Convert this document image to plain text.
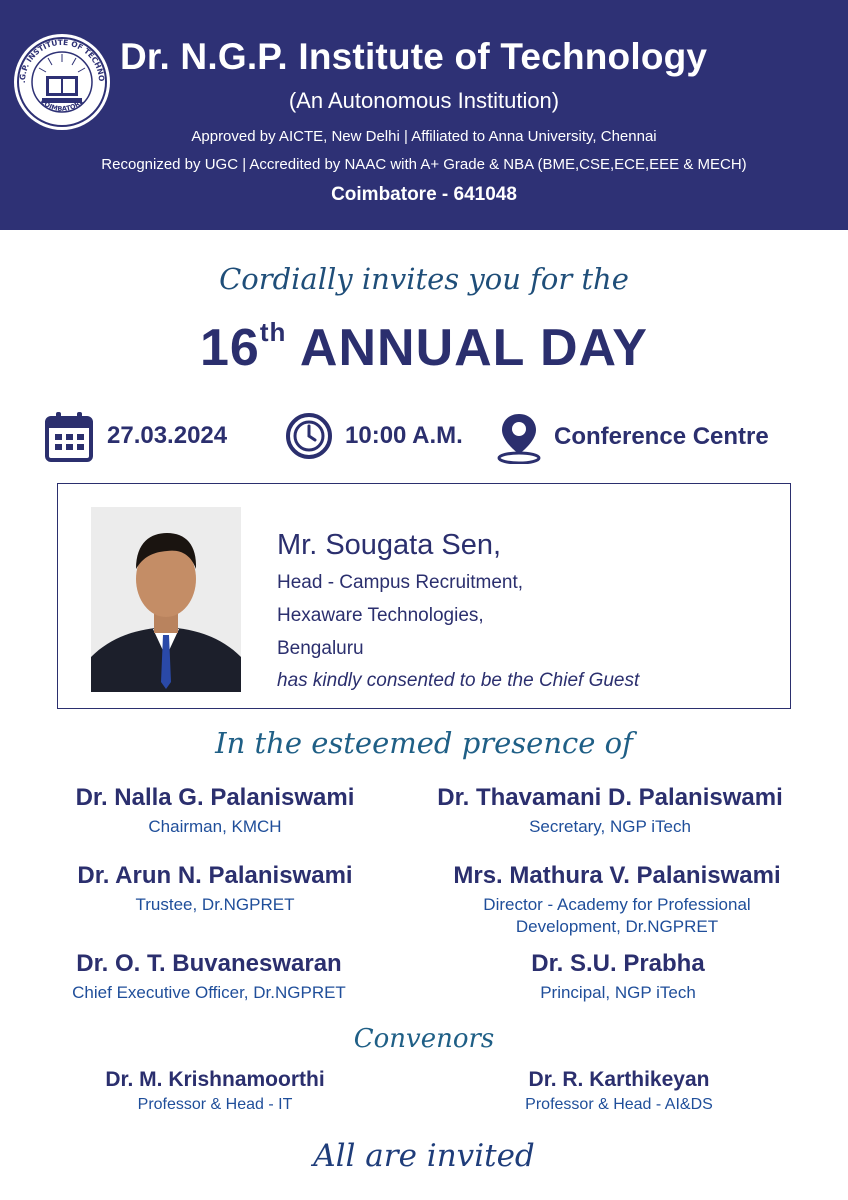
.G.P. INSTITUTE OF TECHNO
COIMBATORE
Dr. N.G.P. Institute of Technology
(An Autonomous Institution)
Approved by AICTE, New Delhi | Affiliated to Anna University, Chennai
Recognized by UGC | Accredited by NAAC with A+ Grade & NBA (BME,CSE,ECE,EEE & MECH)
Coimbatore - 641048
Cordially invites you for the
16th ANNUAL DAY
27.03.2024	10:00 A.M.	Conference Centre
Mr. Sougata Sen,
Head - Campus Recruitment,
Hexaware Technologies,
Bengaluru
has kindly consented to be the Chief Guest
In the esteemed presence of
Dr. Nalla G. Palaniswami
Chairman, KMCH
Dr. Thavamani D. Palaniswami
Secretary, NGP iTech
Dr. Arun N. Palaniswami
Trustee, Dr.NGPRET
Mrs. Mathura V. Palaniswami
Director - Academy for Professional Development, Dr.NGPRET
Dr. O. T. Buvaneswaran
Chief Executive Officer, Dr.NGPRET
Dr. S.U. Prabha
Principal, NGP iTech
Convenors
Dr. M. Krishnamoorthi
Professor & Head - IT
Dr. R. Karthikeyan
Professor & Head - AI&DS
All are invited
